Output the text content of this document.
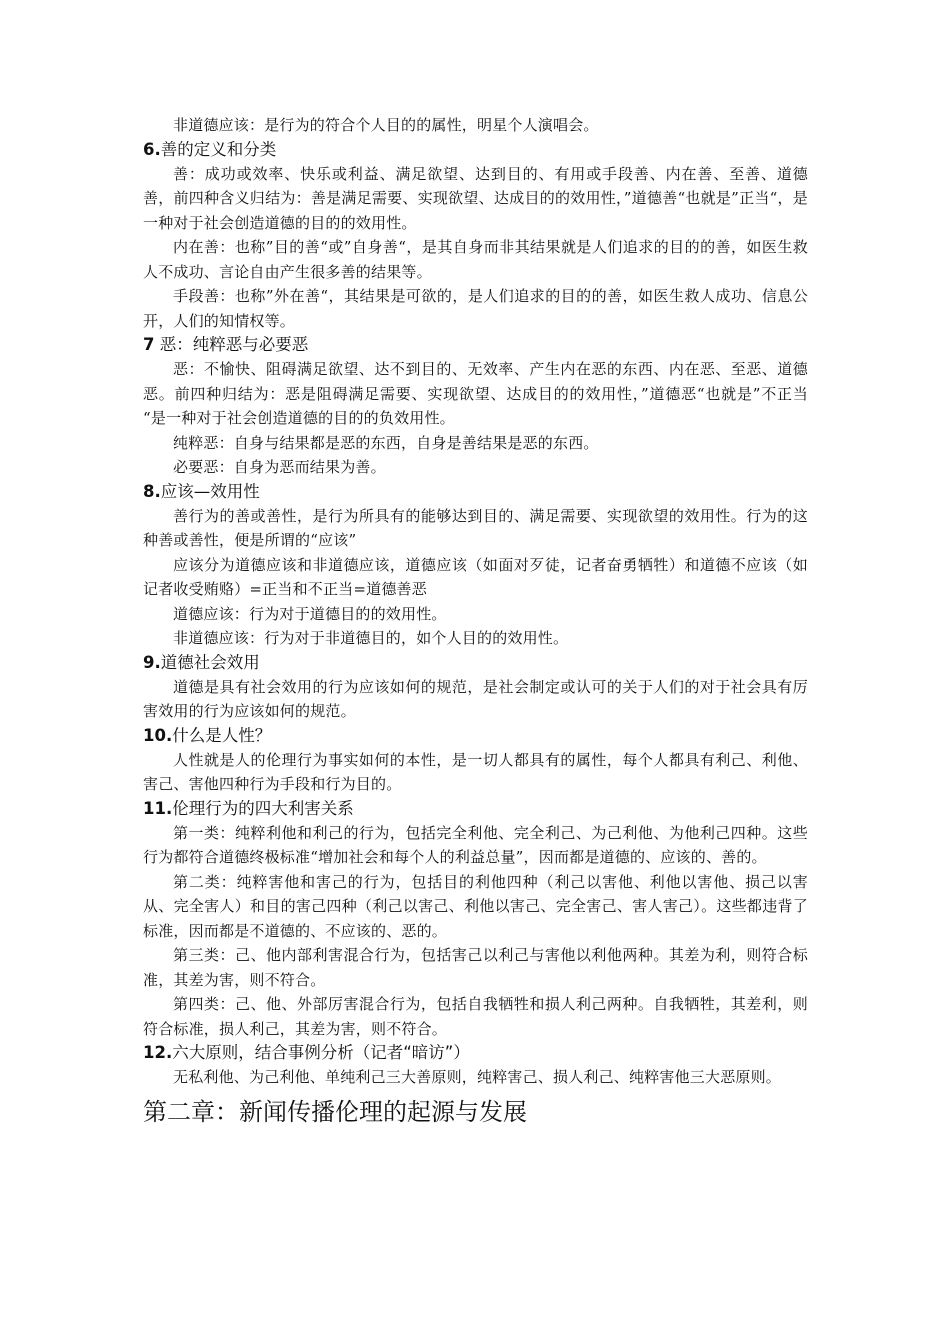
非道德应该：是行为的符合个人目的的属性，明星个人演唱会。

6.善的定义和分类

善：成功或效率、快乐或利益、满足欲望、达到目的、有用或手段善、内在善、至善、道德善，前四种含义归结为：善是满足需要、实现欲望、达成目的的效用性，”道德善“也就是”正当“，是一种对于社会创造道德的目的的效用性。

内在善：也称”目的善“或”自身善“，是其自身而非其结果就是人们追求的目的的善，如医生救人不成功、言论自由产生很多善的结果等。

手段善：也称”外在善“，其结果是可欲的，是人们追求的目的的善，如医生救人成功、信息公开，人们的知情权等。

7 恶：纯粹恶与必要恶

恶：不愉快、阻碍满足欲望、达不到目的、无效率、产生内在恶的东西、内在恶、至恶、道德恶。前四种归结为：恶是阻碍满足需要、实现欲望、达成目的的效用性，”道德恶“也就是”不正当 “是一种对于社会创造道德的目的的负效用性。

纯粹恶：自身与结果都是恶的东西，自身是善结果是恶的东西。

必要恶：自身为恶而结果为善。

8.应该—效用性

善行为的善或善性，是行为所具有的能够达到目的、满足需要、实现欲望的效用性。行为的这种善或善性，便是所谓的“应该”

应该分为道德应该和非道德应该，道德应该（如面对歹徒，记者奋勇牺牲）和道德不应该（如记者收受贿赂）=正当和不正当=道德善恶

道德应该：行为对于道德目的的效用性。

非道德应该：行为对于非道德目的，如个人目的的效用性。

9.道德社会效用

道德是具有社会效用的行为应该如何的规范，是社会制定或认可的关于人们的对于社会具有厉害效用的行为应该如何的规范。

10.什么是人性？

人性就是人的伦理行为事实如何的本性，是一切人都具有的属性，每个人都具有利己、利他、害己、害他四种行为手段和行为目的。

11.伦理行为的四大利害关系

第一类：纯粹利他和利己的行为，包括完全利他、完全利己、为己利他、为他利己四种。这些行为都符合道德终极标准“增加社会和每个人的利益总量”，因而都是道德的、应该的、善的。

第二类：纯粹害他和害己的行为，包括目的利他四种（利己以害他、利他以害他、损己以害从、完全害人）和目的害己四种（利己以害己、利他以害己、完全害己、害人害己）。这些都违背了标准，因而都是不道德的、不应该的、恶的。

第三类：己、他内部利害混合行为，包括害己以利己与害他以利他两种。其差为利，则符合标准，其差为害，则不符合。

第四类：己、他、外部厉害混合行为，包括自我牺牲和损人利己两种。自我牺牲，其差利，则符合标准，损人利己，其差为害，则不符合。

12.六大原则，结合事例分析（记者“暗访”）

无私利他、为己利他、单纯利己三大善原则，纯粹害己、损人利己、纯粹害他三大恶原则。

第二章：新闻传播伦理的起源与发展
